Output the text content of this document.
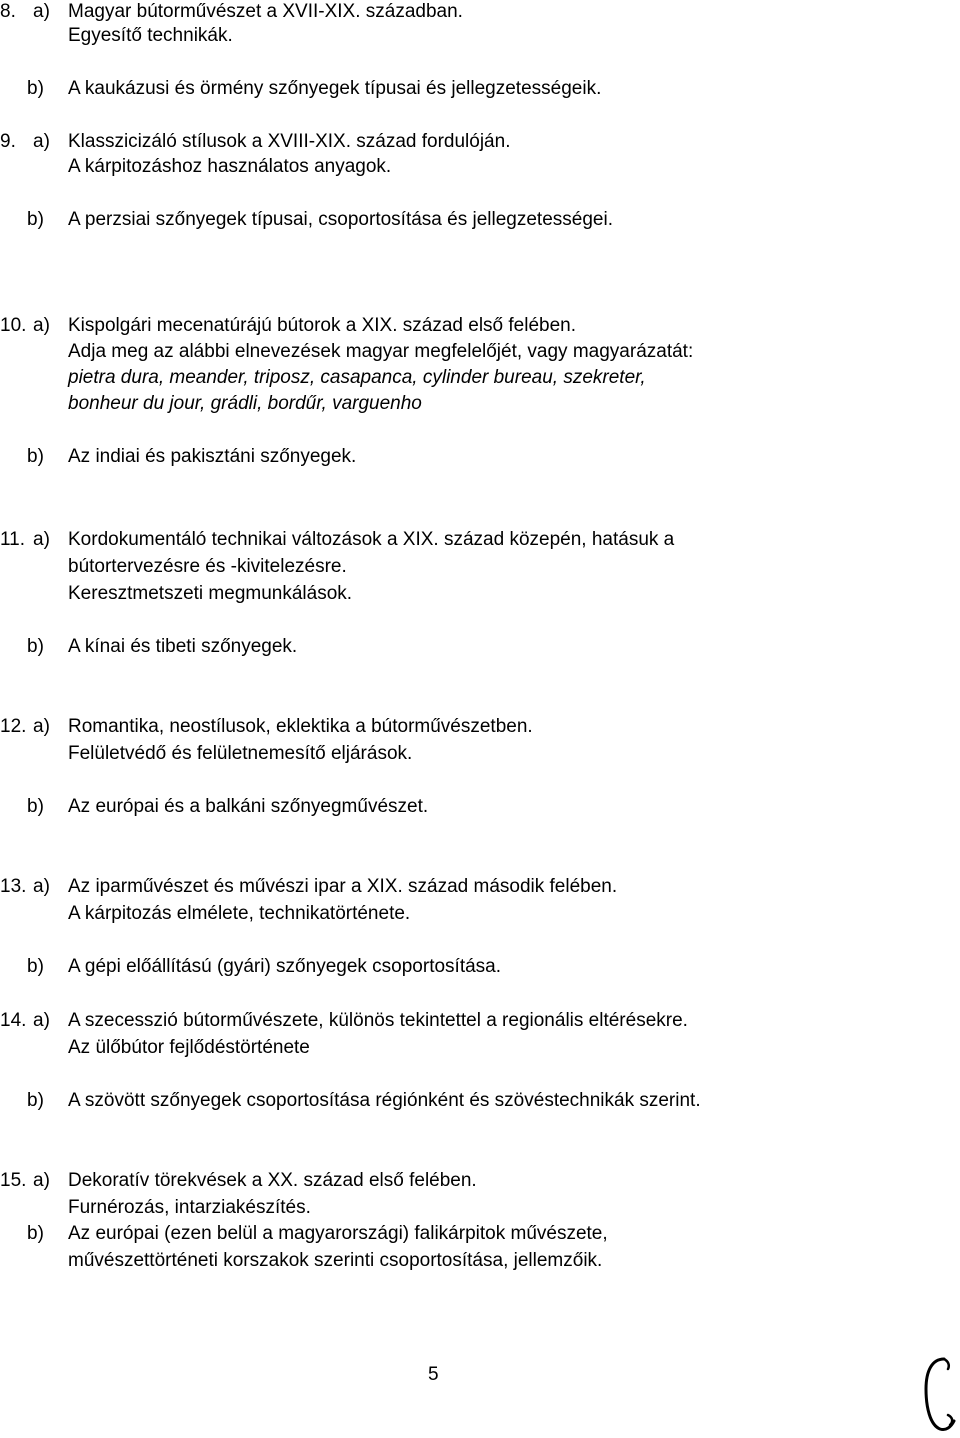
8. a) Magyar bútorművészet a XVII-XIX. században.
Egyesítő technikák.
b) A kaukázusi és örmény szőnyegek típusai és jellegzetességeik.
9. a) Klasszicizáló stílusok a XVIII-XIX. század fordulóján.
A kárpitozáshoz használatos anyagok.
b) A perzsiai szőnyegek típusai, csoportosítása és jellegzetességei.
10. a) Kispolgári mecenatúrájú bútorok a XIX. század első felében.
Adja meg az alábbi elnevezések magyar megfelelőjét, vagy magyarázatát:
pietra dura, meander, triposz, casapanca, cylinder bureau, szekreter,
bonheur du jour, grádli, bordűr, varguenho
b) Az indiai és pakisztáni szőnyegek.
11. a) Kordokumentáló technikai változások a XIX. század közepén, hatásuk a
bútortervezésre és -kivitelezésre.
Keresztmetszeti megmunkálások.
b) A kínai és tibeti szőnyegek.
12. a) Romantika, neostílusok, eklektika a bútorművészetben.
Felületvédő és felületnemesítő eljárások.
b) Az európai és a balkáni szőnyegművészet.
13. a) Az iparművészet és művészi ipar a XIX. század második felében.
A kárpitozás elmélete, technikatörténete.
b) A gépi előállítású (gyári) szőnyegek csoportosítása.
14. a) A szecesszió bútorművészete, különös tekintettel a regionális eltérésekre.
Az ülőbútor fejlődéstörténete
b) A szövött szőnyegek csoportosítása régiónként és szövéstechnikák szerint.
15. a) Dekoratív törekvések a XX. század első felében.
Furnérozás, intarziakészítés.
b) Az európai (ezen belül a magyarországi) falikárpitok művészete,
művészettörténeti korszakok szerinti csoportosítása, jellemzőik.
5
